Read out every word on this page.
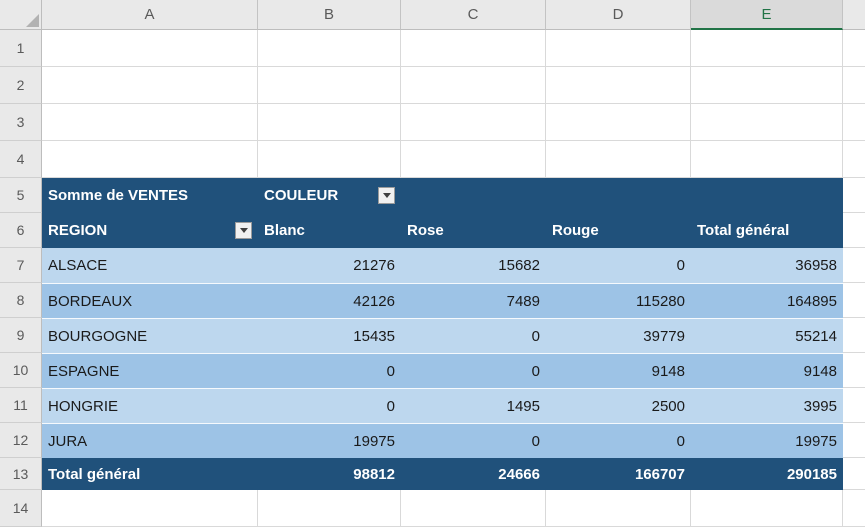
A	B	C	D	E
1
2
3
4
5	Somme de VENTES	COULEUR
6	REGION	Blanc	Rose	Rouge	Total général
7	ALSACE	21276	15682	0	36958
8	BORDEAUX	42126	7489	115280	164895
9	BOURGOGNE	15435	0	39779	55214
10	ESPAGNE	0	0	9148	9148
11	HONGRIE	0	1495	2500	3995
12	JURA	19975	0	0	19975
13	Total général	98812	24666	166707	290185
14
